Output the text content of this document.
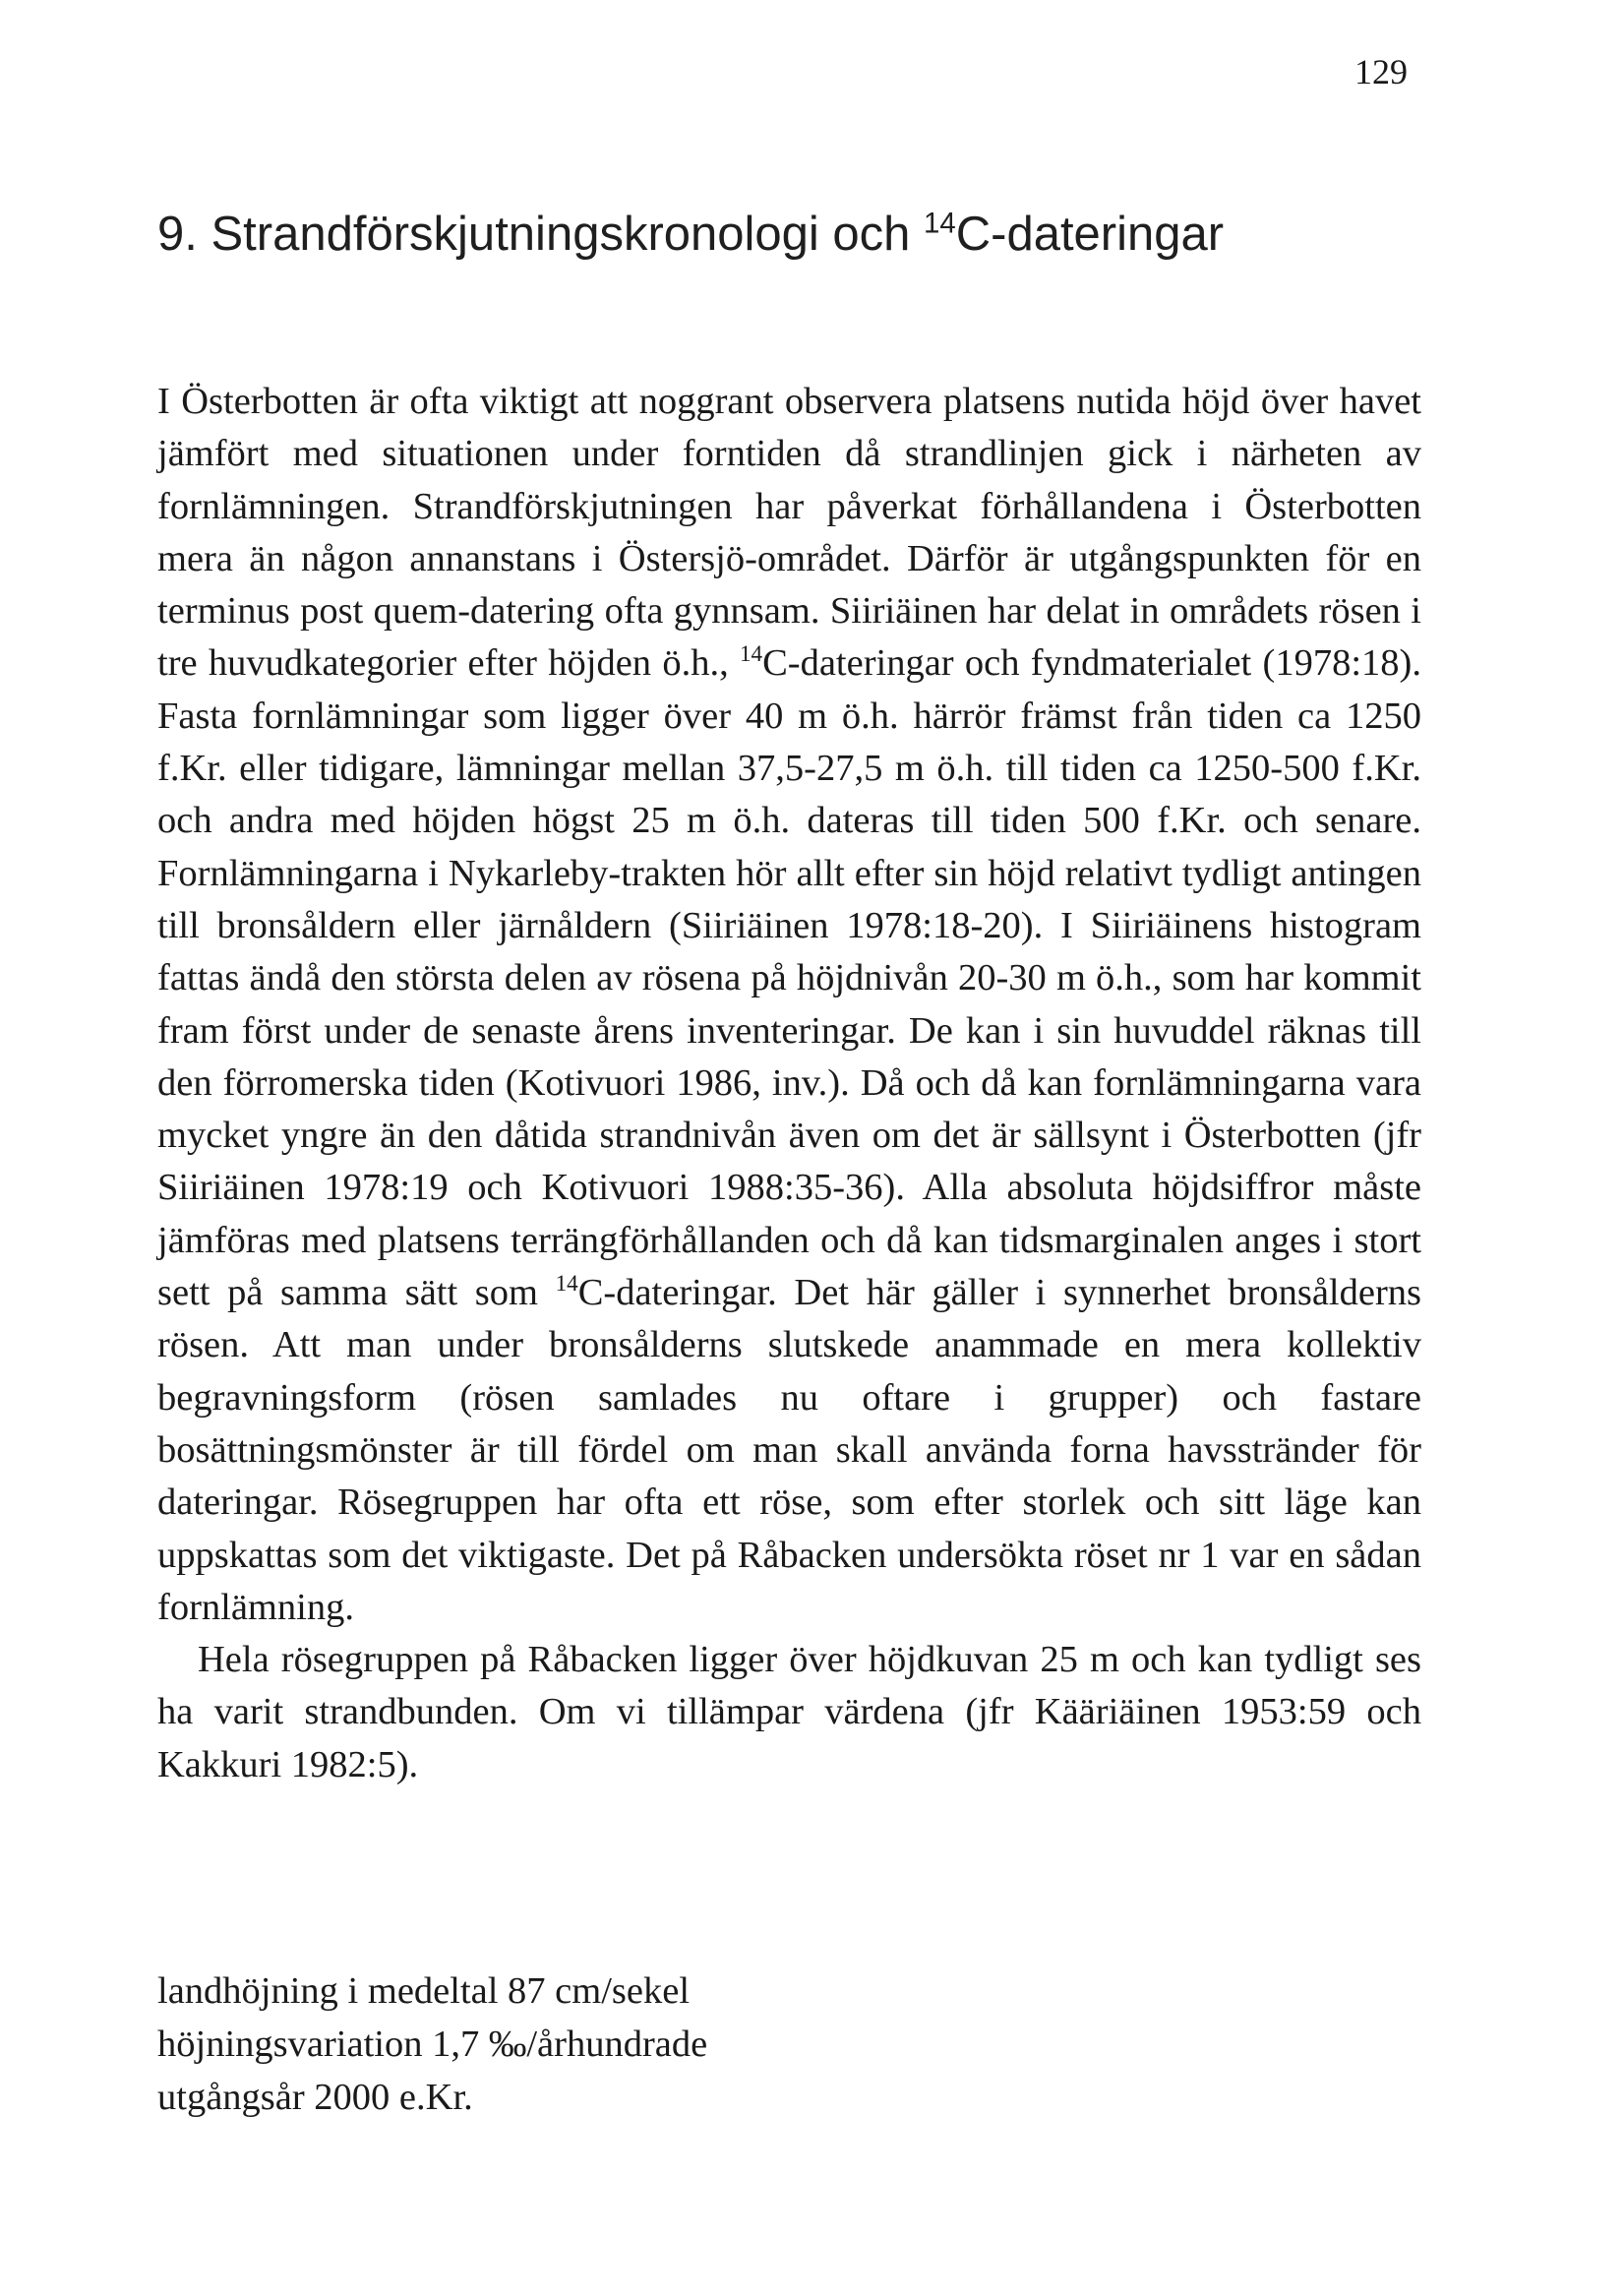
129
9. Strandförskjutningskronologi och $^{14}$C-dateringar

I Österbotten är ofta viktigt att noggrant observera platsens nutida höjd över havet jämfört med situationen under forntiden då strandlinjen gick i närheten av fornlämningen. Strandförskjutningen har påverkat förhållandena i Österbotten mera än någon annanstans i Östersjö-området. Därför är utgångspunkten för en terminus post quem-datering ofta gynnsam. Siiriäinen har delat in områdets rösen i tre huvudkategorier efter höjden ö.h., $^{14}$C-dateringar och fyndmaterialet (1978:18). Fasta fornlämningar som ligger över 40 m ö.h. härrör främst från tiden ca 1250 f.Kr. eller tidigare, lämningar mellan 37,5-27,5 m ö.h. till tiden ca 1250-500 f.Kr. och andra med höjden högst 25 m ö.h. dateras till tiden 500 f.Kr. och senare. Fornlämningarna i Nykarleby-trakten hör allt efter sin höjd relativt tydligt antingen till bronsåldern eller järnåldern (Siiriäinen 1978:18-20). I Siiriäinens histogram fattas ändå den största delen av rösena på höjdnivån 20-30 m ö.h., som har kommit fram först under de senaste årens inventeringar. De kan i sin huvuddel räknas till den förromerska tiden (Kotivuori 1986, inv.). Då och då kan fornlämningarna vara mycket yngre än den dåtida strandnivån även om det är sällsynt i Österbotten (jfr Siiriäinen 1978:19 och Kotivuori 1988:35-36). Alla absoluta höjdsiffror måste jämföras med platsens terrängförhållanden och då kan tidsmarginalen anges i stort sett på samma sätt som $^{14}$C-dateringar. Det här gäller i synnerhet bronsålderns rösen. Att man under bronsålderns slutskede anammade en mera kollektiv begravningsform (rösen samlades nu oftare i grupper) och fastare bosättningsmönster är till fördel om man skall använda forna havsstränder för dateringar. Rösegruppen har ofta ett röse, som efter storlek och sitt läge kan uppskattas som det viktigaste. Det på Råbacken undersökta röset nr 1 var en sådan fornlämning.

Hela rösegruppen på Råbacken ligger över höjdkuvan 25 m och kan tydligt ses ha varit strandbunden. Om vi tillämpar värdena (jfr Kääriäinen 1953:59 och Kakkuri 1982:5).

landhöjning i medeltal 87 cm/sekel
höjningsvariation 1,7 ‰/århundrade
utgångsår 2000 e.Kr.
